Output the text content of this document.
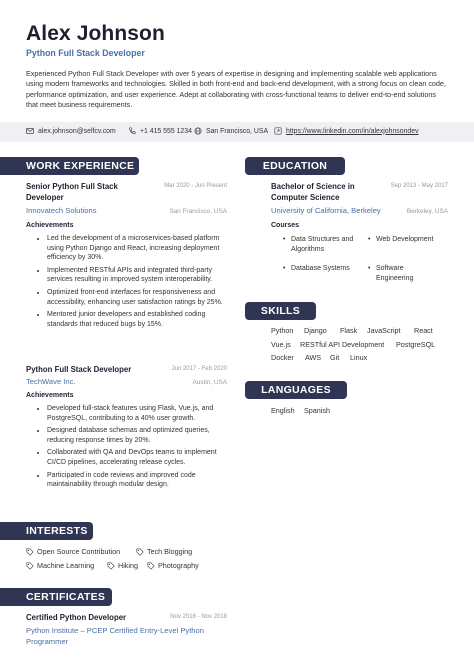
Alex Johnson
Python Full Stack Developer
Experienced Python Full Stack Developer with over 5 years of expertise in designing and implementing scalable web applications using modern frameworks and technologies. Skilled in both front-end and back-end development, with a strong focus on clean code, performance optimization, and user experience. Adept at collaborating with cross-functional teams to deliver end-to-end solutions that meet business requirements.
alex.johnson@selfcv.com	+1 415 555 1234 San Francisco, USA	https://www.linkedin.com/in/alexjohnsondev
WORK EXPERIENCE
Senior Python Full Stack Developer
Mar 2020 - Jun Present
Innovatech Solutions	San Francisco, USA
Achievements
• Led the development of a microservices-based platform using Python Django and React, increasing deployment efficiency by 30%.
• Implemented RESTful APIs and integrated third-party services resulting in improved system interoperability.
• Optimized front-end interfaces for responsiveness and accessibility, enhancing user satisfaction ratings by 25%.
• Mentored junior developers and established coding standards that reduced bugs by 15%.
Python Full Stack Developer	Jun 2017 - Feb 2020
TechWave Inc.	Austin, USA
Achievements
• Developed full-stack features using Flask, Vue.js, and PostgreSQL, contributing to a 40% user growth.
• Designed database schemas and optimized queries, reducing response times by 20%.
• Collaborated with QA and DevOps teams to implement CI/CD pipelines, accelerating release cycles.
• Participated in code reviews and improved code maintainability through modular design.
EDUCATION
Bachelor of Science in Computer Science
Sep 2013 - May 2017
University of California, Berkeley	Berkeley, USA
Courses
• Data Structures and Algorithms
• Web Development
• Database Systems
•	Software Engineering
SKILLS
Python	Django	Flask	JavaScript	React
Vue.js	RESTful API Development	PostgreSQL
Docker	AWS	Git	Linux
LANGUAGES
English	Spanish
INTERESTS
Open Source Contribution	Tech Blogging
Machine Learning	Hiking	Photography
CERTIFICATES
Certified Python Developer	Nov 2016 - Nov 2018
Python Institute – PCEP Certified Entry-Level Python Programmer
